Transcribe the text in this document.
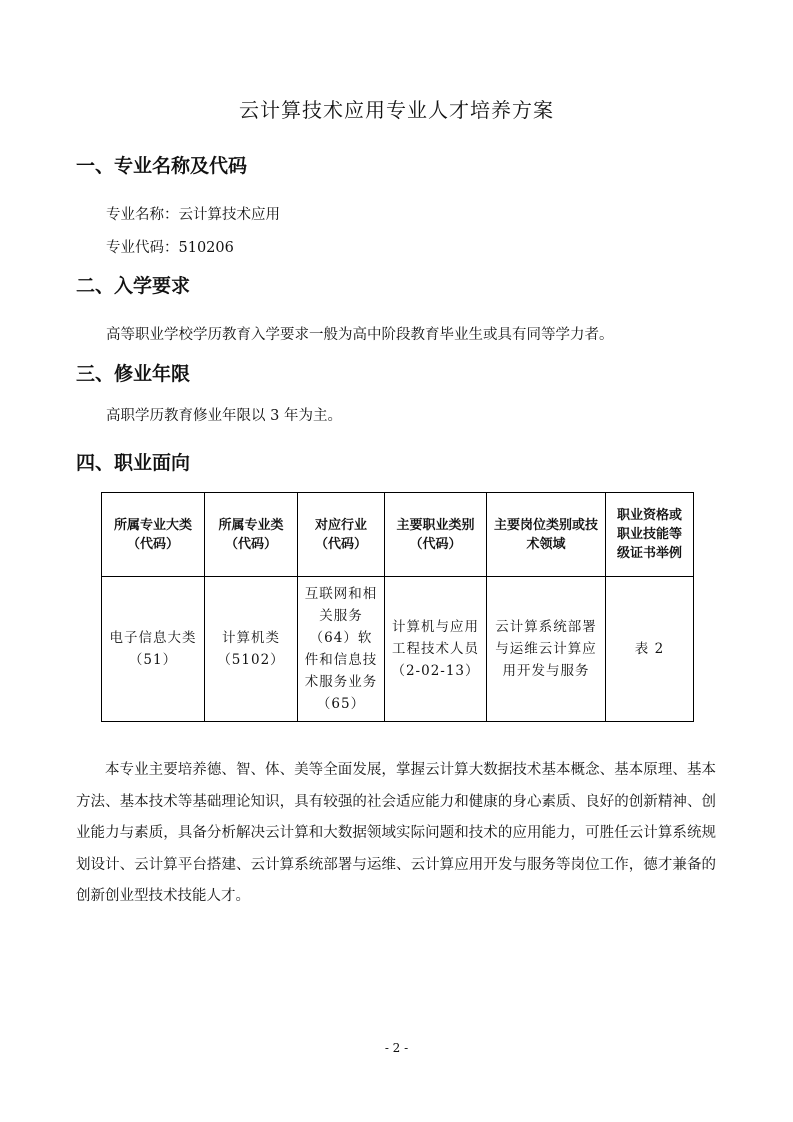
云计算技术应用专业人才培养方案
一、专业名称及代码
专业名称：云计算技术应用
专业代码：510206
二、入学要求
高等职业学校学历教育入学要求一般为高中阶段教育毕业生或具有同等学力者。
三、修业年限
高职学历教育修业年限以 3 年为主。
四、职业面向
所属专业大类（代码）	所属专业类（代码）	对应行业（代码）	主要职业类别（代码）	主要岗位类别或技术领域	职业资格或职业技能等级证书举例
电子信息大类（51）	计算机类（5102）	互联网和相关服务（64）软件和信息技术服务业务（65）	计算机与应用工程技术人员（2-02-13）	云计算系统部署与运维云计算应用开发与服务	表 2
本专业主要培养德、智、体、美等全面发展，掌握云计算大数据技术基本概念、基本原理、基本方法、基本技术等基础理论知识，具有较强的社会适应能力和健康的身心素质、良好的创新精神、创业能力与素质，具备分析解决云计算和大数据领域实际问题和技术的应用能力，可胜任云计算系统规划设计、云计算平台搭建、云计算系统部署与运维、云计算应用开发与服务等岗位工作，德才兼备的创新创业型技术技能人才。
- 2 -
